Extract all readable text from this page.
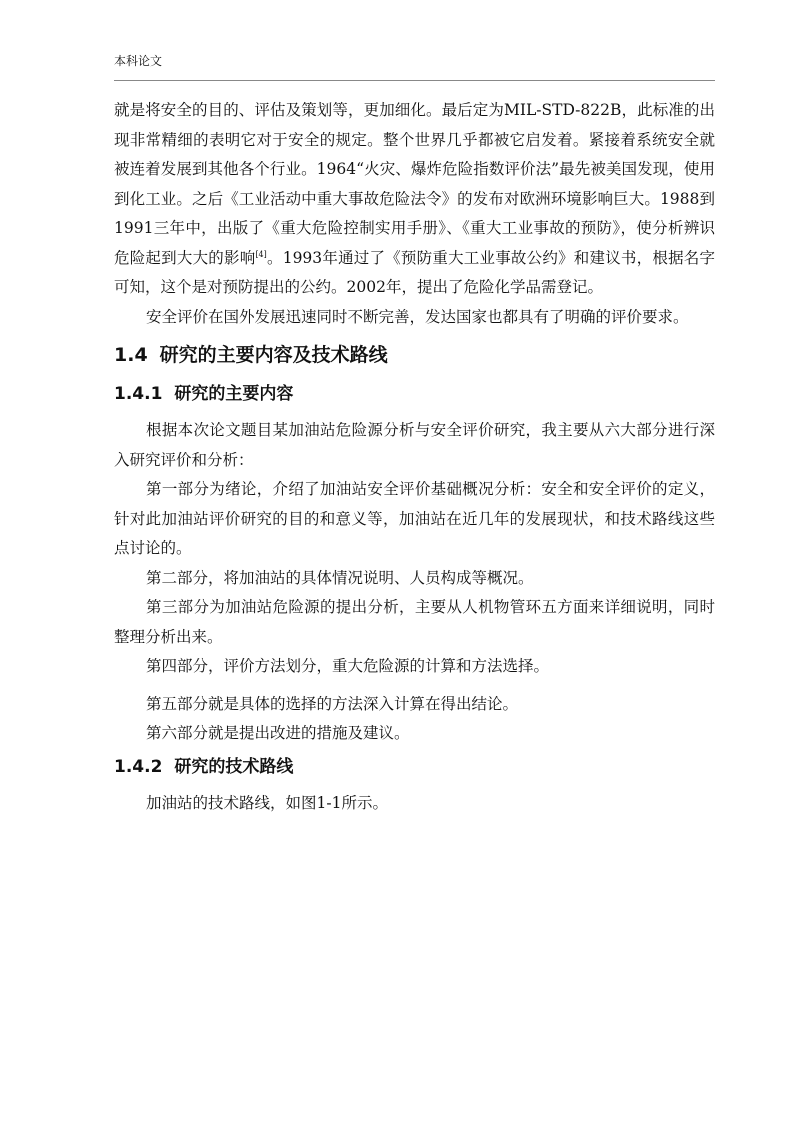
本科论文

就是将安全的目的、评估及策划等，更加细化。最后定为MIL-STD-822B，此标准的出现非常精细的表明它对于安全的规定。整个世界几乎都被它启发着。紧接着系统安全就被连着发展到其他各个行业。1964“火灾、爆炸危险指数评价法”最先被美国发现，使用到化工业。之后《工业活动中重大事故危险法令》的发布对欧洲环境影响巨大。1988到1991三年中，出版了《重大危险控制实用手册》、《重大工业事故的预防》，使分析辨识危险起到大大的影响[4]。1993年通过了《预防重大工业事故公约》和建议书，根据名字可知，这个是对预防提出的公约。2002年，提出了危险化学品需登记。

安全评价在国外发展迅速同时不断完善，发达国家也都具有了明确的评价要求。

1.4 研究的主要内容及技术路线
1.4.1 研究的主要内容

根据本次论文题目某加油站危险源分析与安全评价研究，我主要从六大部分进行深入研究评价和分析：

第一部分为绪论，介绍了加油站安全评价基础概况分析：安全和安全评价的定义，针对此加油站评价研究的目的和意义等，加油站在近几年的发展现状，和技术路线这些点讨论的。

第二部分，将加油站的具体情况说明、人员构成等概况。

第三部分为加油站危险源的提出分析，主要从人机物管环五方面来详细说明，同时整理分析出来。

第四部分，评价方法划分，重大危险源的计算和方法选择。

第五部分就是具体的选择的方法深入计算在得出结论。

第六部分就是提出改进的措施及建议。

1.4.2 研究的技术路线

加油站的技术路线，如图1-1所示。
